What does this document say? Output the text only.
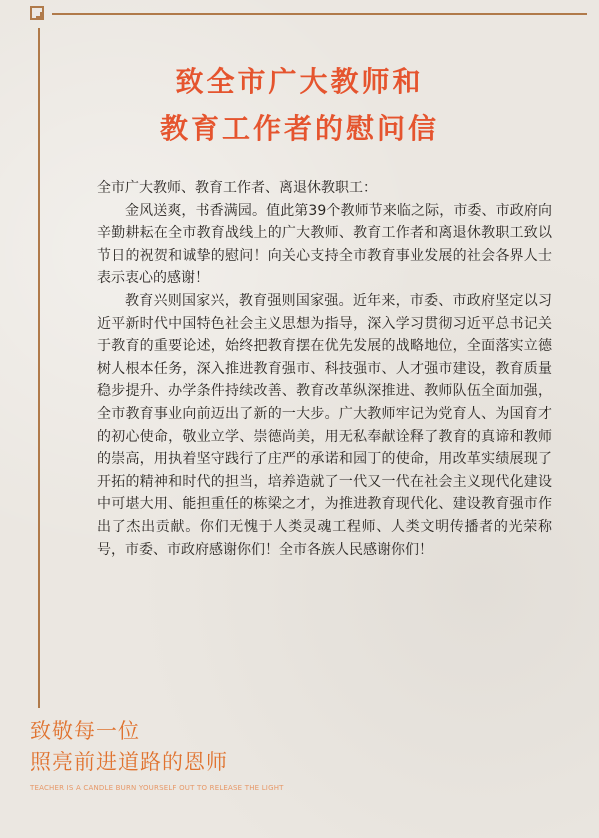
致全市广大教师和
教育工作者的慰问信

全市广大教师、教育工作者、离退休教职工：

金风送爽，书香满园。值此第39个教师节来临之际，市委、市政府向辛勤耕耘在全市教育战线上的广大教师、教育工作者和离退休教职工致以节日的祝贺和诚挚的慰问！向关心支持全市教育事业发展的社会各界人士表示衷心的感谢！

教育兴则国家兴，教育强则国家强。近年来，市委、市政府坚定以习近平新时代中国特色社会主义思想为指导，深入学习贯彻习近平总书记关于教育的重要论述，始终把教育摆在优先发展的战略地位，全面落实立德树人根本任务，深入推进教育强市、科技强市、人才强市建设，教育质量稳步提升、办学条件持续改善、教育改革纵深推进、教师队伍全面加强，全市教育事业向前迈出了新的一大步。广大教师牢记为党育人、为国育才的初心使命，敬业立学、崇德尚美，用无私奉献诠释了教育的真谛和教师的崇高，用执着坚守践行了庄严的承诺和园丁的使命，用改革实绩展现了开拓的精神和时代的担当，培养造就了一代又一代在社会主义现代化建设中可堪大用、能担重任的栋梁之才，为推进教育现代化、建设教育强市作出了杰出贡献。你们无愧于人类灵魂工程师、人类文明传播者的光荣称号，市委、市政府感谢你们！全市各族人民感谢你们！

致敬每一位
照亮前进道路的恩师
TEACHER IS A CANDLE BURN YOURSELF OUT TO RELEASE THE LIGHT
